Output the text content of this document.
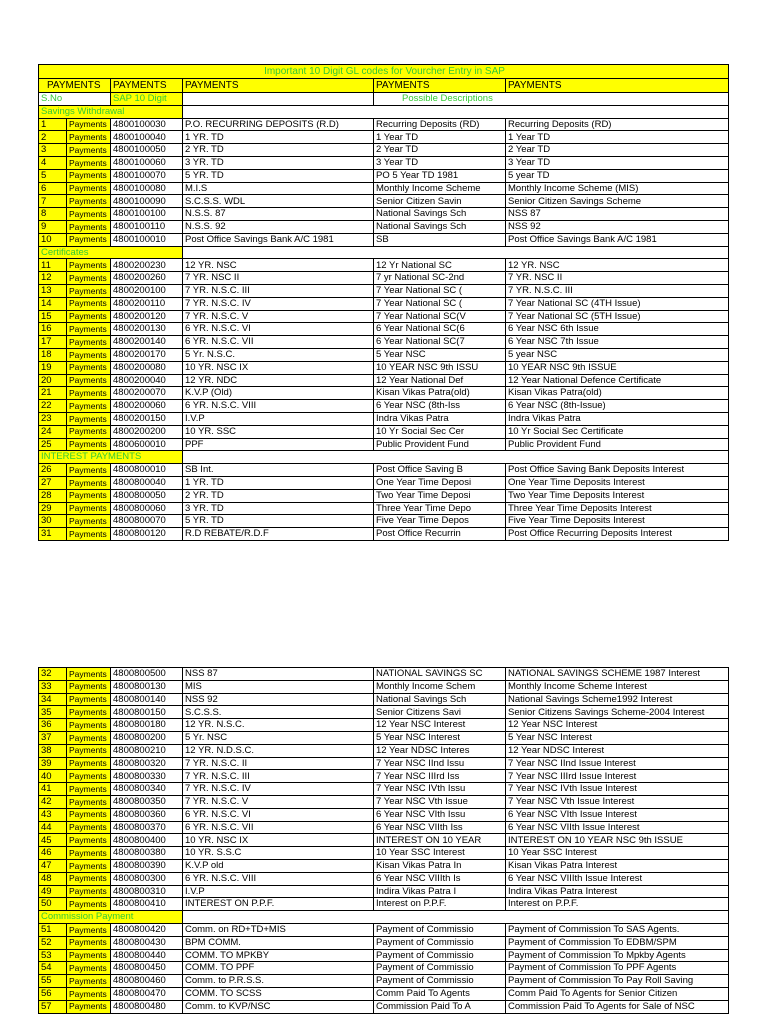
Important 10 Digit GL codes for Vourcher Entry in SAP					
PAYMENTS		PAYMENTS	PAYMENTS	PAYMENTS	PAYMENTS
S.No		SAP 10 Digit		Possible Descriptions	
Savings Withdrawal					
1	Payments	4800100030	P.O. RECURRING DEPOSITS (R.D)	Recurring Deposits (RD)	Recurring Deposits (RD)
2	Payments	4800100040	1 YR. TD	1 Year TD	1 Year TD
3	Payments	4800100050	2 YR. TD	2 Year TD	2 Year TD
4	Payments	4800100060	3 YR. TD	3 Year TD	3 Year TD
5	Payments	4800100070	5 YR. TD	PO 5 Year TD 1981	5 year TD
6	Payments	4800100080	M.I.S	Monthly Income Scheme	Monthly Income Scheme (MIS)
7	Payments	4800100090	S.C.S.S. WDL	Senior Citizen Savin	Senior Citizen Savings Scheme
8	Payments	4800100100	N.S.S. 87	National Savings Sch	NSS 87
9	Payments	4800100110	N.S.S. 92	National Savings Sch	NSS 92
10	Payments	4800100010	Post Office Savings Bank A/C 1981	SB	Post Office Savings Bank A/C 1981
Certificates					
11	Payments	4800200230	12 YR. NSC	12 Yr National SC	12 YR. NSC
12	Payments	4800200260	7 YR. NSC II	7 yr National SC-2nd	7 YR. NSC II
13	Payments	4800200100	7 YR. N.S.C. III	7 Year National SC (	7 YR. N.S.C. III
14	Payments	4800200110	7 YR. N.S.C. IV	7 Year National SC (	7 Year National SC (4TH Issue)
15	Payments	4800200120	7 YR. N.S.C. V	7 Year National SC(V	7 Year National SC (5TH Issue)
16	Payments	4800200130	6 YR. N.S.C. VI	6 Year National SC(6	6 Year NSC 6th Issue
17	Payments	4800200140	6 YR. N.S.C. VII	6 Year National SC(7	6 Year NSC 7th Issue
18	Payments	4800200170	5 Yr. N.S.C.	5 Year NSC	5 year NSC
19	Payments	4800200080	10 YR. NSC IX	10 YEAR NSC 9th ISSU	10 YEAR NSC 9th ISSUE
20	Payments	4800200040	12 YR. NDC	12 Year National Def	12 Year National Defence Certificate
21	Payments	4800200070	K.V.P (Old)	Kisan Vikas Patra(old)	Kisan Vikas Patra(old)
22	Payments	4800200060	6 YR. N.S.C. VIII	6 Year NSC (8th-Iss	6 Year NSC (8th-Issue)
23	Payments	4800200150	I.V.P	Indra Vikas Patra	Indra Vikas Patra
24	Payments	4800200200	10 YR. SSC	10 Yr Social Sec Cer	10 Yr Social Sec Certificate
25	Payments	4800600010	PPF	Public Provident Fund	Public Provident Fund
INTEREST PAYMENTS					
26	Payments	4800800010	SB Int.	Post Office Saving B	Post Office Saving Bank Deposits Interest
27	Payments	4800800040	1 YR. TD	One Year Time Deposi	One Year Time Deposits Interest
28	Payments	4800800050	2 YR. TD	Two Year Time Deposi	Two Year Time Deposits Interest
29	Payments	4800800060	3 YR. TD	Three Year Time Depo	Three Year Time Deposits Interest
30	Payments	4800800070	5 YR. TD	Five Year Time Depos	Five Year Time Deposits Interest
31	Payments	4800800120	R.D REBATE/R.D.F	Post Office Recurrin	Post Office Recurring Deposits Interest
32	Payments	4800800500	NSS 87	NATIONAL SAVINGS SC	NATIONAL SAVINGS SCHEME 1987 Interest
33	Payments	4800800130	MIS	Monthly Income Schem	Monthly Income Scheme Interest
34	Payments	4800800140	NSS 92	National Savings Sch	National Savings Scheme1992 Interest
35	Payments	4800800150	S.C.S.S.	Senior Citizens Savi	Senior Citizens Savings Scheme-2004 Interest
36	Payments	4800800180	12 YR. N.S.C.	12 Year NSC Interest	12 Year NSC Interest
37	Payments	4800800200	5 Yr. NSC	5 Year NSC Interest	5 Year NSC Interest
38	Payments	4800800210	12 YR. N.D.S.C.	12 Year NDSC Interes	12 Year NDSC Interest
39	Payments	4800800320	7 YR. N.S.C. II	7 Year NSC IInd Issu	7 Year NSC IInd Issue Interest
40	Payments	4800800330	7 YR. N.S.C. III	7 Year NSC IIIrd Iss	7 Year NSC IIIrd Issue Interest
41	Payments	4800800340	7 YR. N.S.C. IV	7 Year NSC IVth Issu	7 Year NSC IVth Issue Interest
42	Payments	4800800350	7 YR. N.S.C. V	7 Year NSC Vth Issue	7 Year NSC Vth Issue Interest
43	Payments	4800800360	6 YR. N.S.C. VI	6 Year NSC VIth Issu	6 Year NSC VIth Issue Interest
44	Payments	4800800370	6 YR. N.S.C. VII	6 Year NSC VIIth Iss	6 Year NSC VIIth Issue Interest
45	Payments	4800800400	10 YR. NSC IX	INTEREST ON 10 YEAR	INTEREST ON 10 YEAR NSC 9th ISSUE
46	Payments	4800800380	10 YR. S.S.C	10 Year SSC Interest	10 Year SSC Interest
47	Payments	4800800390	K.V.P old	Kisan Vikas Patra In	Kisan Vikas Patra Interest
48	Payments	4800800300	6 YR. N.S.C. VIII	6 Year NSC VIIIth Is	6 Year NSC VIIIth Issue Interest
49	Payments	4800800310	I.V.P	Indira Vikas Patra I	Indira Vikas Patra Interest
50	Payments	4800800410	INTEREST ON P.P.F.	Interest on P.P.F.	Interest on P.P.F.
Commission Payment					
51	Payments	4800800420	Comm. on RD+TD+MIS	Payment of Commissio	Payment of Commission To SAS Agents.
52	Payments	4800800430	BPM COMM.	Payment of Commissio	Payment of Commission To EDBM/SPM
53	Payments	4800800440	COMM. TO MPKBY	Payment of Commissio	Payment of Commission To Mpkby Agents
54	Payments	4800800450	COMM. TO PPF	Payment of Commissio	Payment of Commission To PPF Agents
55	Payments	4800800460	Comm. to P.R.S.S.	Payment of Commissio	Payment of Commission To Pay Roll Saving
56	Payments	4800800470	COMM. TO SCSS	Comm Paid To Agents	Comm Paid To Agents for Senior Citizen
57	Payments	4800800480	Comm. to KVP/NSC	Commission Paid To A	Commission Paid To Agents for Sale of NSC
